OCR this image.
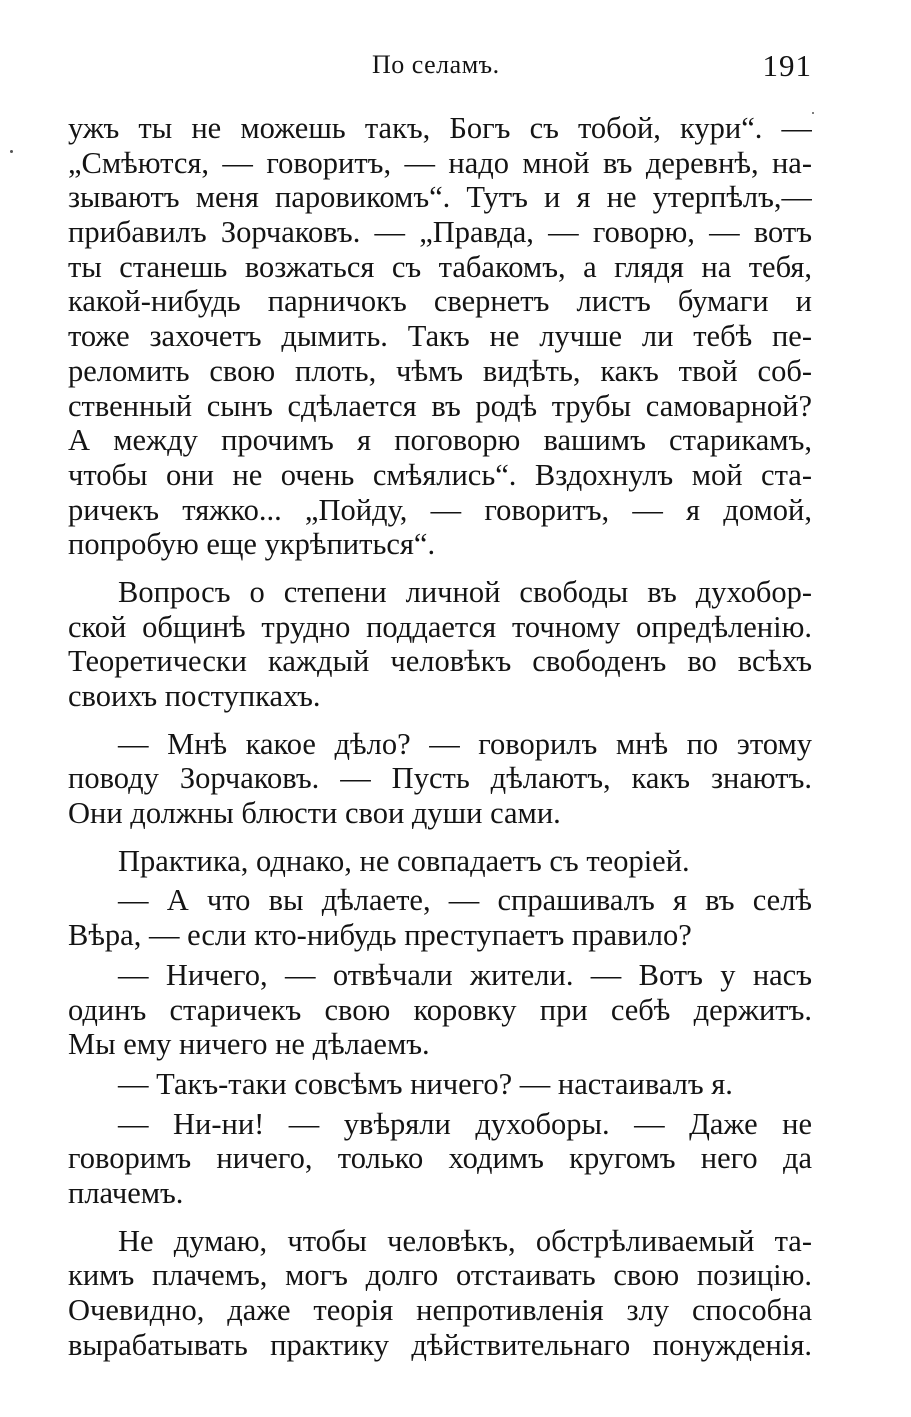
По селамъ.	191
ужъ ты не можешь такъ, Богъ съ тобой, кури“. —
„Смѣются, — говоритъ, — надо мной въ деревнѣ, на-
зываютъ меня паровикомъ“. Тутъ и я не утерпѣлъ,—
прибавилъ Зорчаковъ. — „Правда, — говорю, — вотъ
ты станешь возжаться съ табакомъ, а глядя на тебя,
какой-нибудь парничокъ свернетъ листъ бумаги и
тоже захочетъ дымить. Такъ не лучше ли тебѣ пе-
реломить свою плоть, чѣмъ видѣть, какъ твой соб-
ственный сынъ сдѣлается въ родѣ трубы самоварной?
А между прочимъ я поговорю вашимъ старикамъ,
чтобы они не очень смѣялись“. Вздохнулъ мой ста-
ричекъ тяжко... „Пойду, — говоритъ, — я домой,
попробую еще укрѣпиться“.
Вопросъ о степени личной свободы въ духобор-
ской общинѣ трудно поддается точному опредѣленію.
Теоретически каждый человѣкъ свободенъ во всѣхъ
своихъ поступкахъ.
— Мнѣ какое дѣло? — говорилъ мнѣ по этому
поводу Зорчаковъ. — Пусть дѣлаютъ, какъ знаютъ.
Они должны блюсти свои души сами.
Практика, однако, не совпадаетъ съ теоріей.
— А что вы дѣлаете, — спрашивалъ я въ селѣ
Вѣра, — если кто-нибудь преступаетъ правило?
— Ничего, — отвѣчали жители. — Вотъ у насъ
одинъ старичекъ свою коровку при себѣ держитъ.
Мы ему ничего не дѣлаемъ.
— Такъ-таки совсѣмъ ничего? — настаивалъ я.
— Ни-ни! — увѣряли духоборы. — Даже не
говоримъ ничего, только ходимъ кругомъ него да
плачемъ.
Не думаю, чтобы человѣкъ, обстрѣливаемый та-
кимъ плачемъ, могъ долго отстаивать свою позицію.
Очевидно, даже теорія непротивленія злу способна
вырабатывать практику дѣйствительнаго понужденія.
